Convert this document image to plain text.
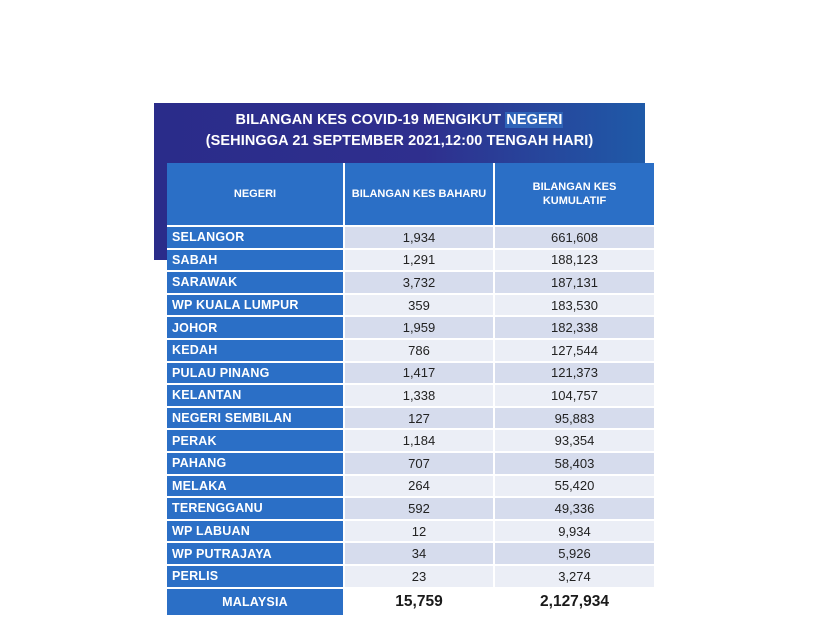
BILANGAN KES COVID-19 MENGIKUT NEGERI
(SEHINGGA 21 SEPTEMBER 2021,12:00 TENGAH HARI)
NEGERI	BILANGAN KES BAHARU	BILANGAN KES KUMULATIF
SELANGOR	1,934	661,608
SABAH	1,291	188,123
SARAWAK	3,732	187,131
WP KUALA LUMPUR	359	183,530
JOHOR	1,959	182,338
KEDAH	786	127,544
PULAU PINANG	1,417	121,373
KELANTAN	1,338	104,757
NEGERI SEMBILAN	127	95,883
PERAK	1,184	93,354
PAHANG	707	58,403
MELAKA	264	55,420
TERENGGANU	592	49,336
WP LABUAN	12	9,934
WP PUTRAJAYA	34	5,926
PERLIS	23	3,274
MALAYSIA	15,759	2,127,934
